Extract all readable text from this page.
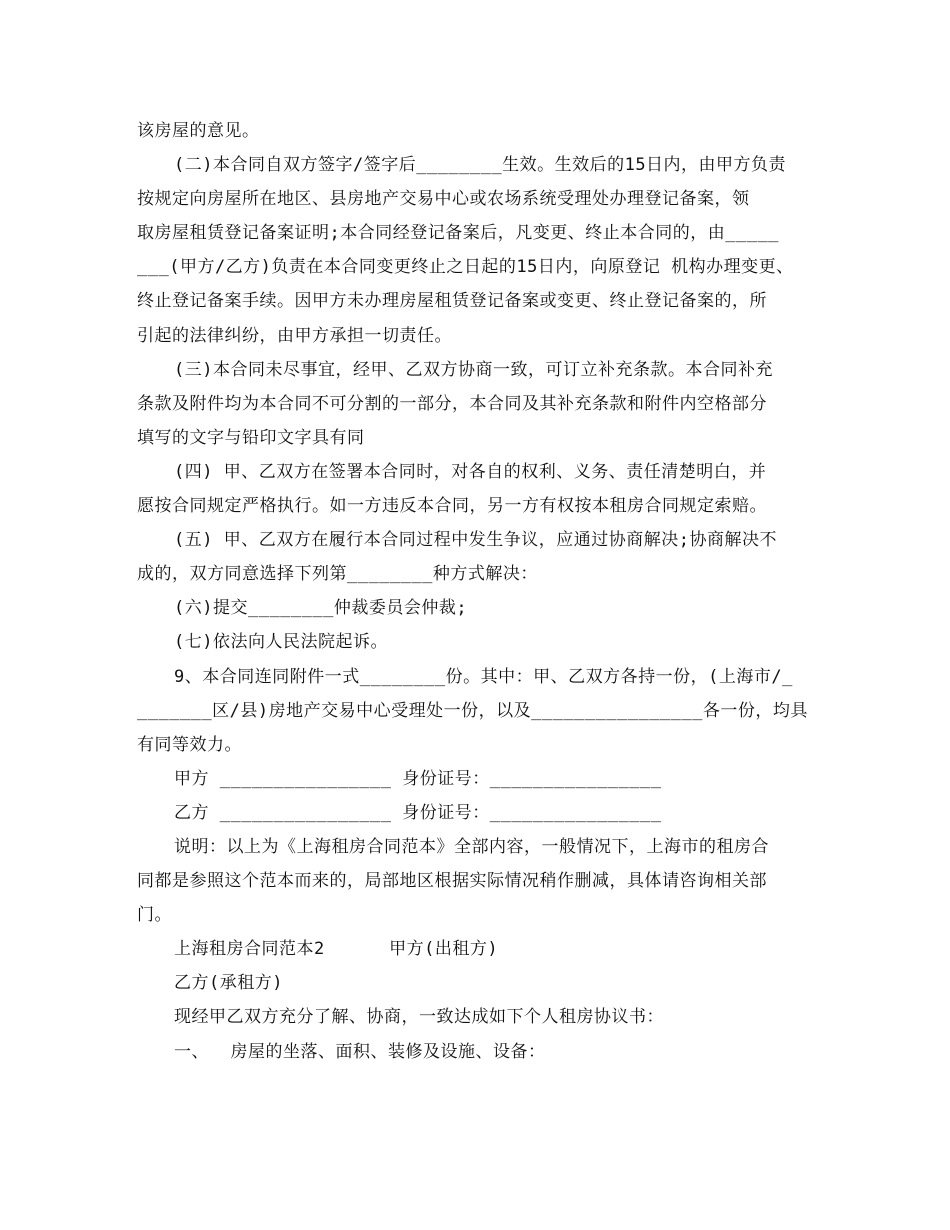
该房屋的意见。
(二)本合同自双方签字/签字后________生效。生效后的15日内，由甲方负责
按规定向房屋所在地区、县房地产交易中心或农场系统受理处办理登记备案，领
取房屋租赁登记备案证明;本合同经登记备案后，凡变更、终止本合同的，由_____
___(甲方/乙方)负责在本合同变更终止之日起的15日内，向原登记 机构办理变更、
终止登记备案手续。因甲方未办理房屋租赁登记备案或变更、终止登记备案的，所
引起的法律纠纷，由甲方承担一切责任。
(三)本合同未尽事宜，经甲、乙双方协商一致，可订立补充条款。本合同补充
条款及附件均为本合同不可分割的一部分，本合同及其补充条款和附件内空格部分
填写的文字与铅印文字具有同
(四) 甲、乙双方在签署本合同时，对各自的权利、义务、责任清楚明白，并
愿按合同规定严格执行。如一方违反本合同，另一方有权按本租房合同规定索赔。
(五) 甲、乙双方在履行本合同过程中发生争议，应通过协商解决;协商解决不
成的，双方同意选择下列第________种方式解决：
(六)提交________仲裁委员会仲裁;
(七)依法向人民法院起诉。
9、本合同连同附件一式________份。其中：甲、乙双方各持一份，(上海市/_
_______区/县)房地产交易中心受理处一份，以及________________各一份，均具
有同等效力。
甲方 ________________ 身份证号：________________
乙方 ________________ 身份证号：________________
说明：以上为《上海租房合同范本》全部内容，一般情况下，上海市的租房合
同都是参照这个范本而来的，局部地区根据实际情况稍作删减，具体请咨询相关部
门。
上海租房合同范本2      甲方(出租方)
乙方(承租方)
现经甲乙双方充分了解、协商，一致达成如下个人租房协议书：
一、  房屋的坐落、面积、装修及设施、设备：
